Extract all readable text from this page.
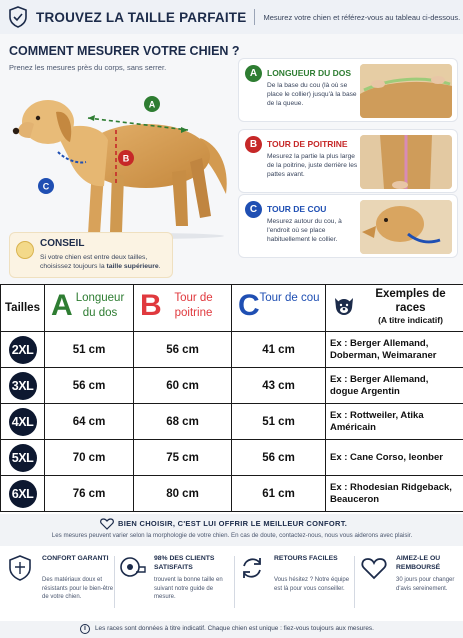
TROUVEZ LA TAILLE PARFAITE Mesurez votre chien et référez-vous au tableau ci-dessous.
COMMENT MESURER VOTRE CHIEN ?
Prenez les mesures près du corps, sans serrer.
A
B
C
CONSEIL
Si votre chien est entre deux tailles, choisissez toujours la taille supérieure.
A	LONGUEUR DU DOS
De la base du cou (là où se place le collier) jusqu'à la base de la queue.
B	TOUR DE POITRINE
Mesurez la partie la plus large de la poitrine, juste derrière les pattes avant.
C	TOUR DE COU
Mesurez autour du cou, à l'endroit où se place habituellement le collier.
Tailles	A Longueur du dos	B Tour de poitrine	C Tour de cou	Exemples de races
(A titre indicatif)

2XL	51 cm	56 cm	41 cm	Ex : Berger Allemand, Doberman, Weimaraner
3XL	56 cm	60 cm	43 cm	Ex : Berger Allemand, dogue Argentin
4XL	64 cm	68 cm	51 cm	Ex : Rottweiler, Atika Américain
5XL	70 cm	75 cm	56 cm	Ex : Cane Corso, leonber
6XL	76 cm	80 cm	61 cm	Ex : Rhodesian Ridgeback, Beauceron
BIEN CHOISIR, C'EST LUI OFFRIR LE MEILLEUR CONFORT.
Les mesures peuvent varier selon la morphologie de votre chien. En cas de doute, contactez-nous, nous vous aiderons avec plaisir.
CONFORT GARANTI
Des matériaux doux et résistants pour le bien-être de votre chien.
98% DES CLIENTS SATISFAITS
trouvent la bonne taille en suivant notre guide de mesure.
RETOURS FACILES
Vous hésitez ? Notre équipe est là pour vous conseiller.
AIMEZ-LE OU REMBOURSÉ
30 jours pour changer d'avis sereinement.
i	Les races sont données à titre indicatif. Chaque chien est unique : fiez-vous toujours aux mesures.
